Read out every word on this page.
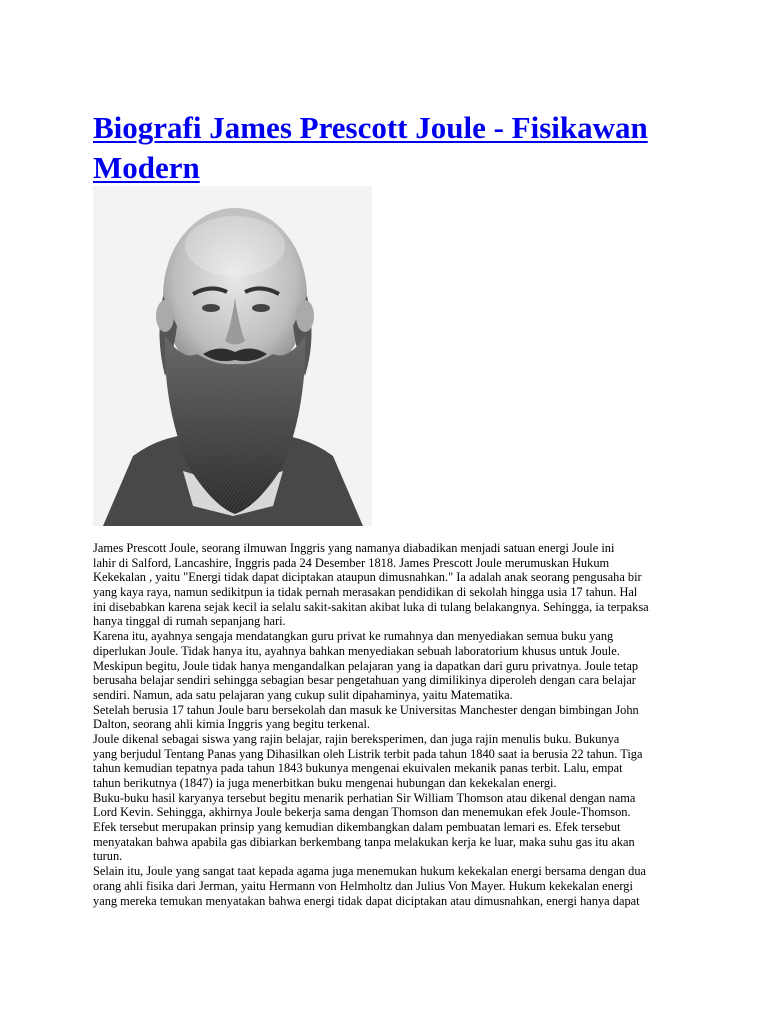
Biografi James Prescott Joule - Fisikawan
Modern
James Prescott Joule, seorang ilmuwan Inggris yang namanya diabadikan menjadi satuan energi Joule ini
lahir di Salford, Lancashire, Inggris pada 24 Desember 1818. James Prescott Joule merumuskan Hukum
Kekekalan , yaitu "Energi tidak dapat diciptakan ataupun dimusnahkan." Ia adalah anak seorang pengusaha bir
yang kaya raya, namun sedikitpun ia tidak pernah merasakan pendidikan di sekolah hingga usia 17 tahun. Hal
ini disebabkan karena sejak kecil ia selalu sakit-sakitan akibat luka di tulang belakangnya. Sehingga, ia terpaksa
hanya tinggal di rumah sepanjang hari.
Karena itu, ayahnya sengaja mendatangkan guru privat ke rumahnya dan menyediakan semua buku yang
diperlukan Joule. Tidak hanya itu, ayahnya bahkan menyediakan sebuah laboratorium khusus untuk Joule.
Meskipun begitu, Joule tidak hanya mengandalkan pelajaran yang ia dapatkan dari guru privatnya. Joule tetap
berusaha belajar sendiri sehingga sebagian besar pengetahuan yang dimilikinya diperoleh dengan cara belajar
sendiri. Namun, ada satu pelajaran yang cukup sulit dipahaminya, yaitu Matematika.
Setelah berusia 17 tahun Joule baru bersekolah dan masuk ke Universitas Manchester dengan bimbingan John
Dalton, seorang ahli kimia Inggris yang begitu terkenal.
Joule dikenal sebagai siswa yang rajin belajar, rajin bereksperimen, dan juga rajin menulis buku. Bukunya
yang berjudul Tentang Panas yang Dihasilkan oleh Listrik terbit pada tahun 1840 saat ia berusia 22 tahun. Tiga
tahun kemudian tepatnya pada tahun 1843 bukunya mengenai ekuivalen mekanik panas terbit. Lalu, empat
tahun berikutnya (1847) ia juga menerbitkan buku mengenai hubungan dan kekekalan energi.
Buku-buku hasil karyanya tersebut begitu menarik perhatian Sir William Thomson atau dikenal dengan nama
Lord Kevin. Sehingga, akhirnya Joule bekerja sama dengan Thomson dan menemukan efek Joule-Thomson.
Efek tersebut merupakan prinsip yang kemudian dikembangkan dalam pembuatan lemari es. Efek tersebut
menyatakan bahwa apabila gas dibiarkan berkembang tanpa melakukan kerja ke luar, maka suhu gas itu akan
turun.
Selain itu, Joule yang sangat taat kepada agama juga menemukan hukum kekekalan energi bersama dengan dua
orang ahli fisika dari Jerman, yaitu Hermann von Helmholtz dan Julius Von Mayer. Hukum kekekalan energi
yang mereka temukan menyatakan bahwa energi tidak dapat diciptakan atau dimusnahkan, energi hanya dapat
